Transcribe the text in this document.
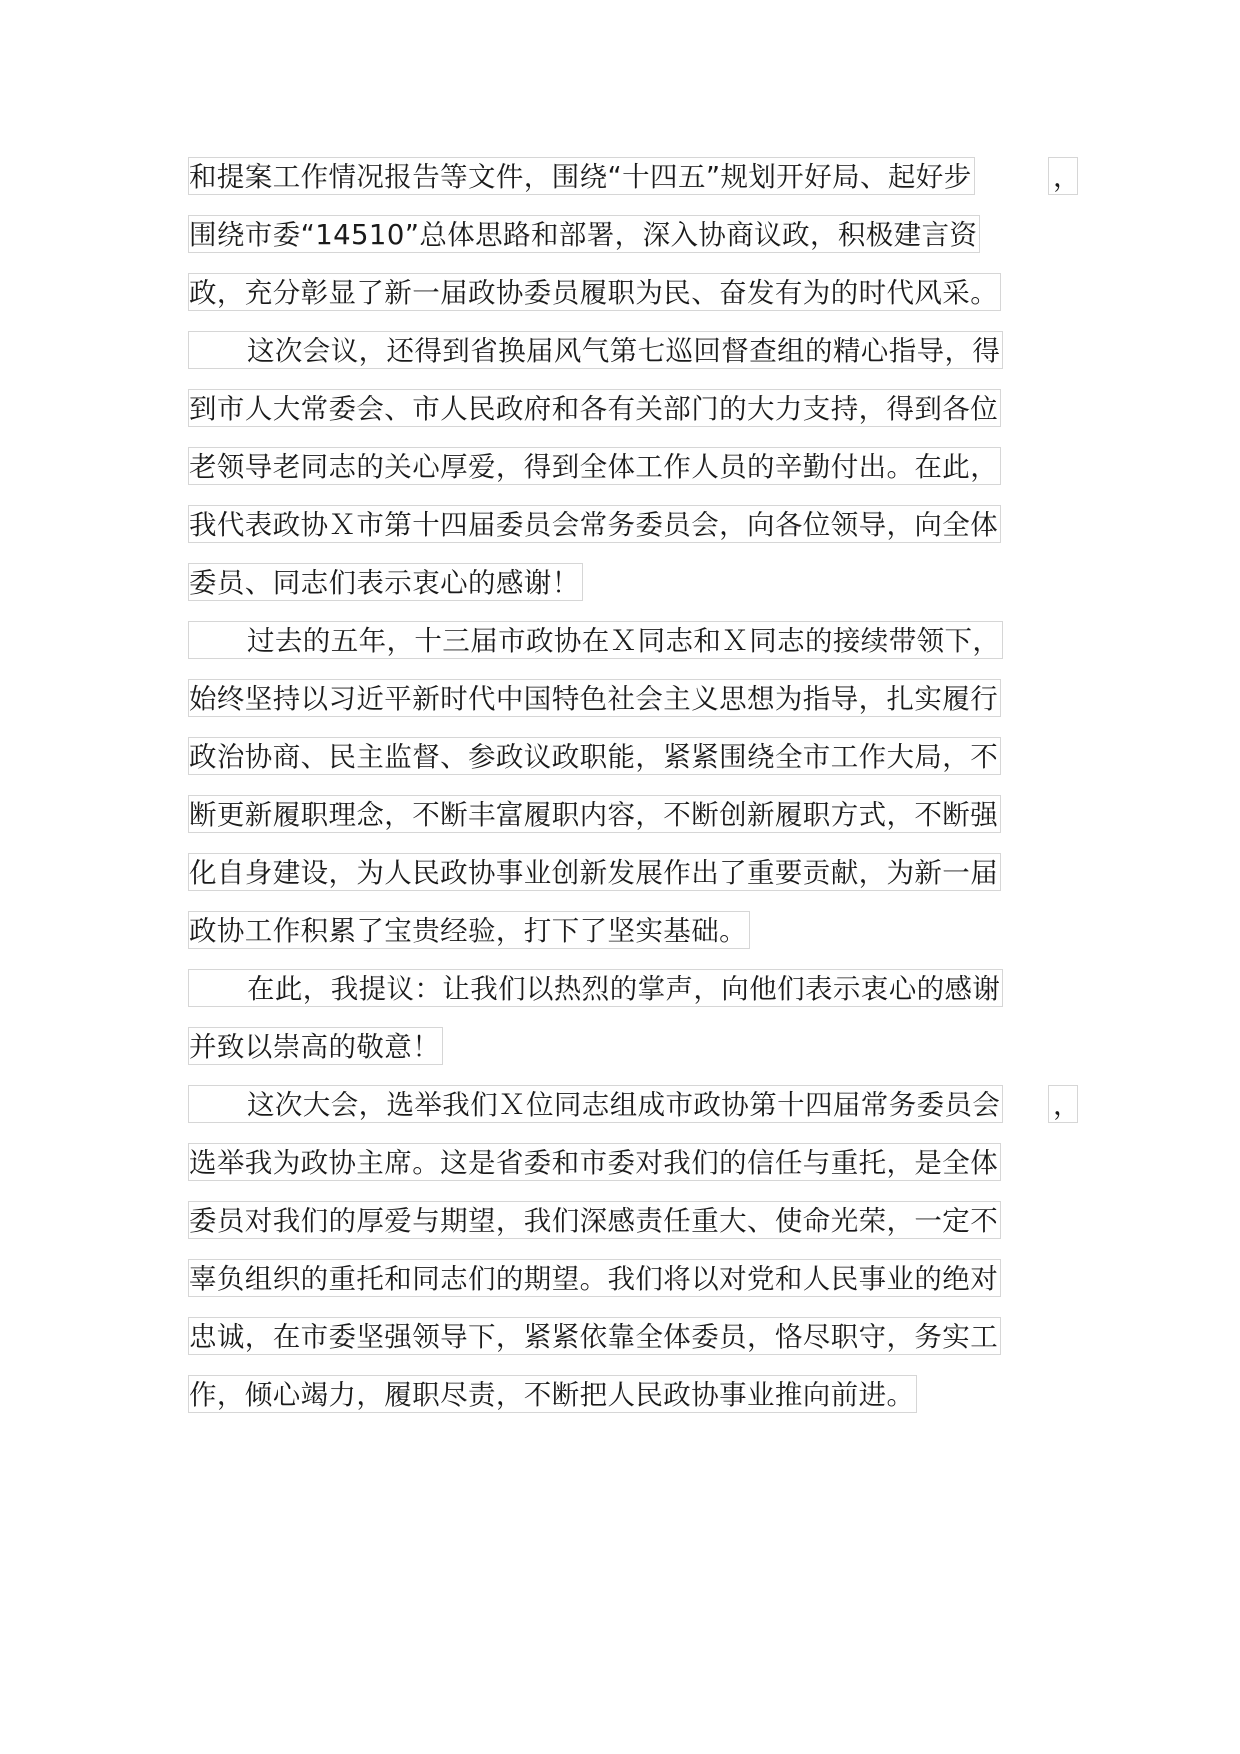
和提案工作情况报告等文件，围绕“十四五”规划开好局、起好步	，
围绕市委“14510”总体思路和部署，深入协商议政，积极建言资
政，充分彰显了新一届政协委员履职为民、奋发有为的时代风采。
这次会议，还得到省换届风气第七巡回督查组的精心指导，得
到市人大常委会、市人民政府和各有关部门的大力支持，得到各位
老领导老同志的关心厚爱，得到全体工作人员的辛勤付出。在此，
我代表政协Ｘ市第十四届委员会常务委员会，向各位领导，向全体
委员、同志们表示衷心的感谢！
过去的五年，十三届市政协在Ｘ同志和Ｘ同志的接续带领下，
始终坚持以习近平新时代中国特色社会主义思想为指导，扎实履行
政治协商、民主监督、参政议政职能，紧紧围绕全市工作大局，不
断更新履职理念，不断丰富履职内容，不断创新履职方式，不断强
化自身建设，为人民政协事业创新发展作出了重要贡献，为新一届
政协工作积累了宝贵经验，打下了坚实基础。
在此，我提议：让我们以热烈的掌声，向他们表示衷心的感谢
并致以崇高的敬意！
这次大会，选举我们Ｘ位同志组成市政协第十四届常务委员会 ，
选举我为政协主席。这是省委和市委对我们的信任与重托，是全体
委员对我们的厚爱与期望，我们深感责任重大、使命光荣，一定不
辜负组织的重托和同志们的期望。我们将以对党和人民事业的绝对
忠诚，在市委坚强领导下，紧紧依靠全体委员，恪尽职守，务实工
作，倾心竭力，履职尽责，不断把人民政协事业推向前进。
